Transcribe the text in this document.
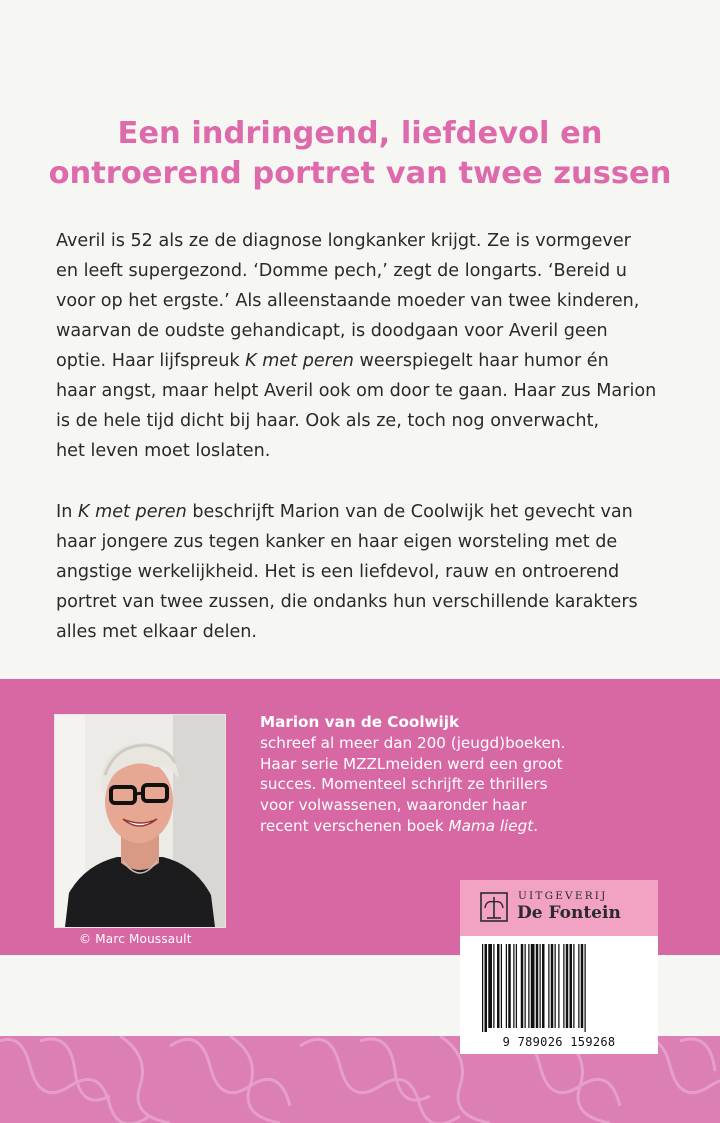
Een indringend, liefdevol en
ontroerend portret van twee zussen

Averil is 52 als ze de diagnose longkanker krijgt. Ze is vormgever
en leeft supergezond. ‘Domme pech,’ zegt de longarts. ‘Bereid u
voor op het ergste.’ Als alleenstaande moeder van twee kinderen,
waarvan de oudste gehandicapt, is doodgaan voor Averil geen
optie. Haar lijfspreuk K met peren weerspiegelt haar humor én
haar angst, maar helpt Averil ook om door te gaan. Haar zus Marion
is de hele tijd dicht bij haar. Ook als ze, toch nog onverwacht,
het leven moet loslaten.

In K met peren beschrijft Marion van de Coolwijk het gevecht van
haar jongere zus tegen kanker en haar eigen worsteling met de
angstige werkelijkheid. Het is een liefdevol, rauw en ontroerend
portret van twee zussen, die ondanks hun verschillende karakters
alles met elkaar delen.

© Marc Moussault
Marion van de Coolwijk
schreef al meer dan 200 (jeugd)boeken.
Haar serie MZZLmeiden werd een groot
succes. Momenteel schrijft ze thrillers
voor volwassenen, waaronder haar
recent verschenen boek Mama liegt.
UITGEVERIJ
De Fontein
9 789026 159268
